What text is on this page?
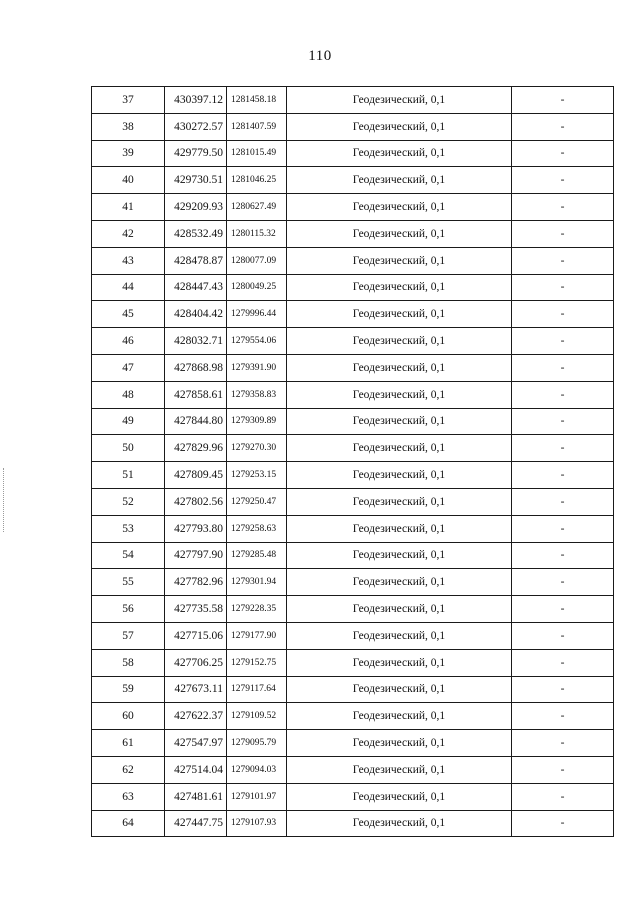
110
37	430397.12	1281458.18	Геодезический, 0,1	-
38	430272.57	1281407.59	Геодезический, 0,1	-
39	429779.50	1281015.49	Геодезический, 0,1	-
40	429730.51	1281046.25	Геодезический, 0,1	-
41	429209.93	1280627.49	Геодезический, 0,1	-
42	428532.49	1280115.32	Геодезический, 0,1	-
43	428478.87	1280077.09	Геодезический, 0,1	-
44	428447.43	1280049.25	Геодезический, 0,1	-
45	428404.42	1279996.44	Геодезический, 0,1	-
46	428032.71	1279554.06	Геодезический, 0,1	-
47	427868.98	1279391.90	Геодезический, 0,1	-
48	427858.61	1279358.83	Геодезический, 0,1	-
49	427844.80	1279309.89	Геодезический, 0,1	-
50	427829.96	1279270.30	Геодезический, 0,1	-
51	427809.45	1279253.15	Геодезический, 0,1	-
52	427802.56	1279250.47	Геодезический, 0,1	-
53	427793.80	1279258.63	Геодезический, 0,1	-
54	427797.90	1279285.48	Геодезический, 0,1	-
55	427782.96	1279301.94	Геодезический, 0,1	-
56	427735.58	1279228.35	Геодезический, 0,1	-
57	427715.06	1279177.90	Геодезический, 0,1	-
58	427706.25	1279152.75	Геодезический, 0,1	-
59	427673.11	1279117.64	Геодезический, 0,1	-
60	427622.37	1279109.52	Геодезический, 0,1	-
61	427547.97	1279095.79	Геодезический, 0,1	-
62	427514.04	1279094.03	Геодезический, 0,1	-
63	427481.61	1279101.97	Геодезический, 0,1	-
64	427447.75	1279107.93	Геодезический, 0,1	-
